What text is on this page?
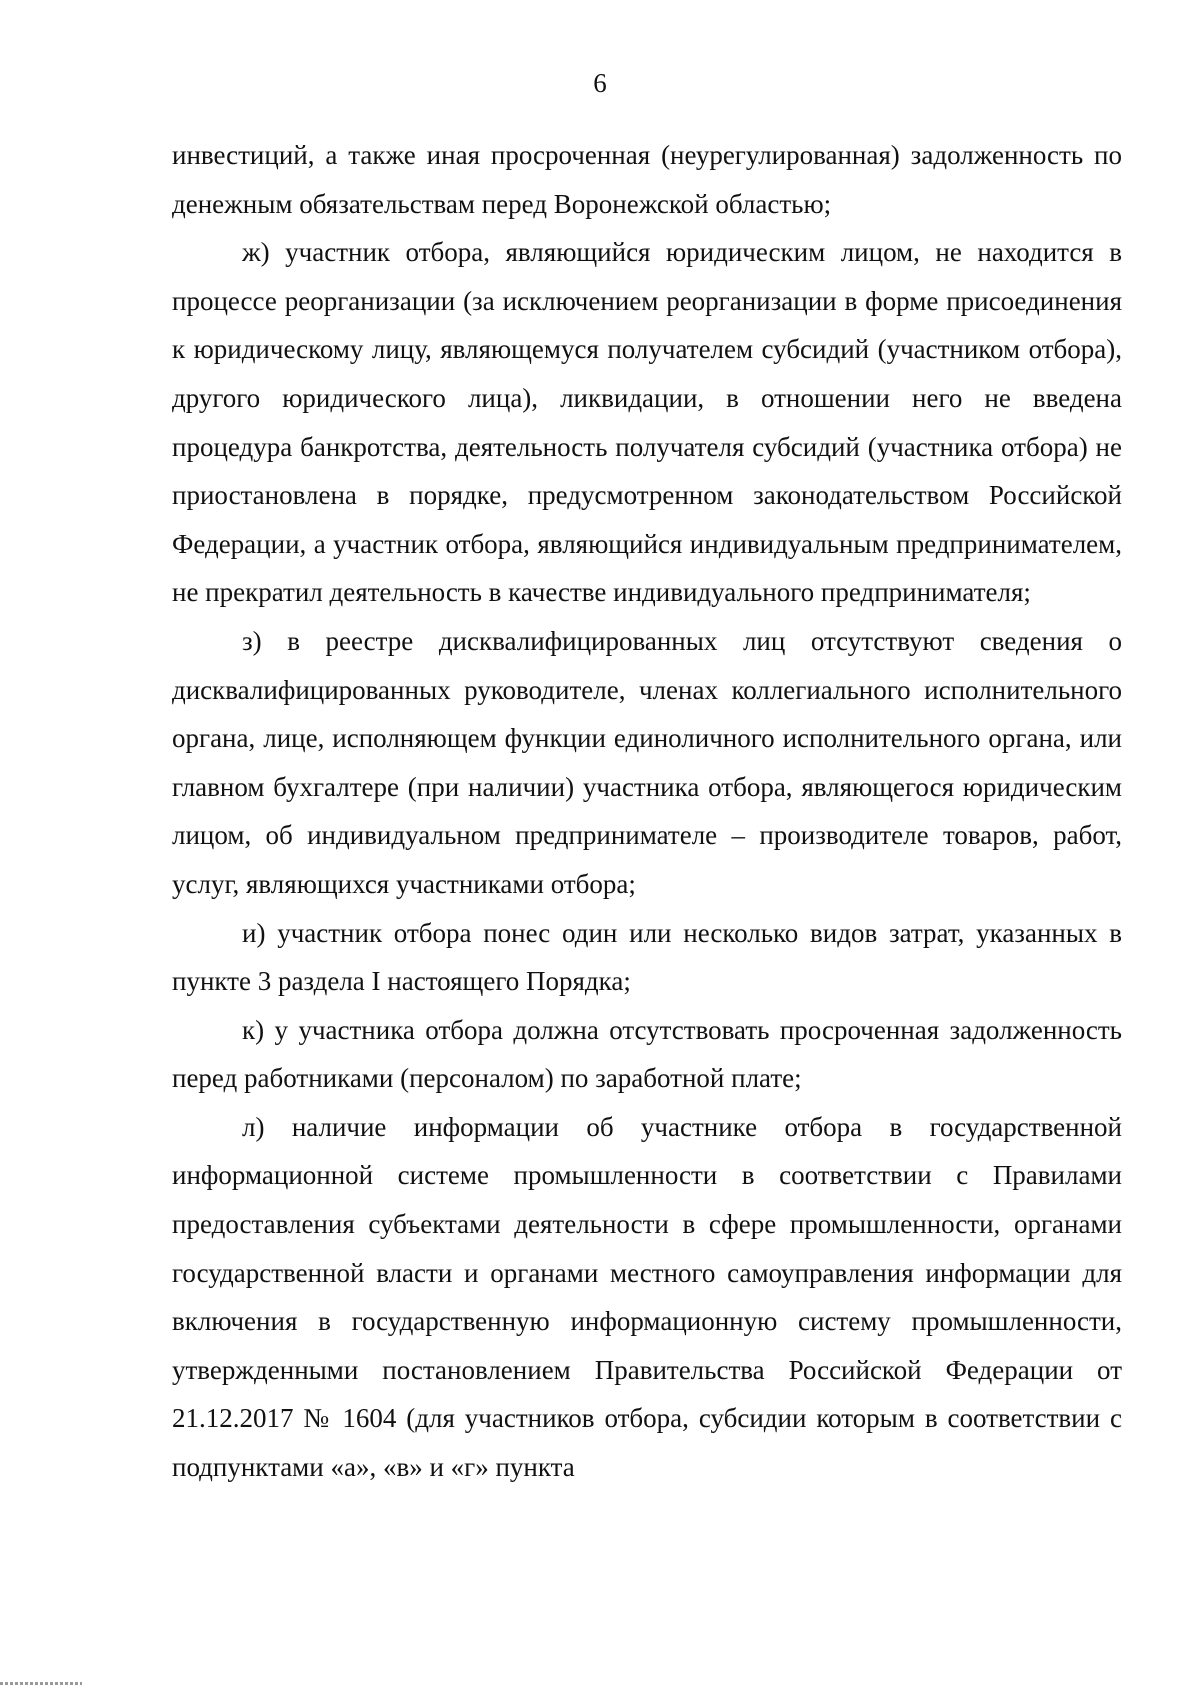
6

инвестиций, а также иная просроченная (неурегулированная) задолженность по денежным обязательствам перед Воронежской областью;

ж) участник отбора, являющийся юридическим лицом, не находится в процессе реорганизации (за исключением реорганизации в форме присоединения к юридическому лицу, являющемуся получателем субсидий (участником отбора), другого юридического лица), ликвидации, в отношении него не введена процедура банкротства, деятельность получателя субсидий (участника отбора) не приостановлена в порядке, предусмотренном законодательством Российской Федерации, а участник отбора, являющийся индивидуальным предпринимателем, не прекратил деятельность в качестве индивидуального предпринимателя;

з) в реестре дисквалифицированных лиц отсутствуют сведения о дисквалифицированных руководителе, членах коллегиального исполнительного органа, лице, исполняющем функции единоличного исполнительного органа, или главном бухгалтере (при наличии) участника отбора, являющегося юридическим лицом, об индивидуальном предпринимателе – производителе товаров, работ, услуг, являющихся участниками отбора;

и) участник отбора понес один или несколько видов затрат, указанных в пункте 3 раздела I настоящего Порядка;

к) у участника отбора должна отсутствовать просроченная задолженность перед работниками (персоналом) по заработной плате;

л) наличие информации об участнике отбора в государственной информационной системе промышленности в соответствии с Правилами предоставления субъектами деятельности в сфере промышленности, органами государственной власти и органами местного самоуправления информации для включения в государственную информационную систему промышленности, утвержденными постановлением Правительства Российской Федерации от 21.12.2017 № 1604 (для участников отбора, субсидии которым в соответствии с подпунктами «а», «в» и «г» пункта
